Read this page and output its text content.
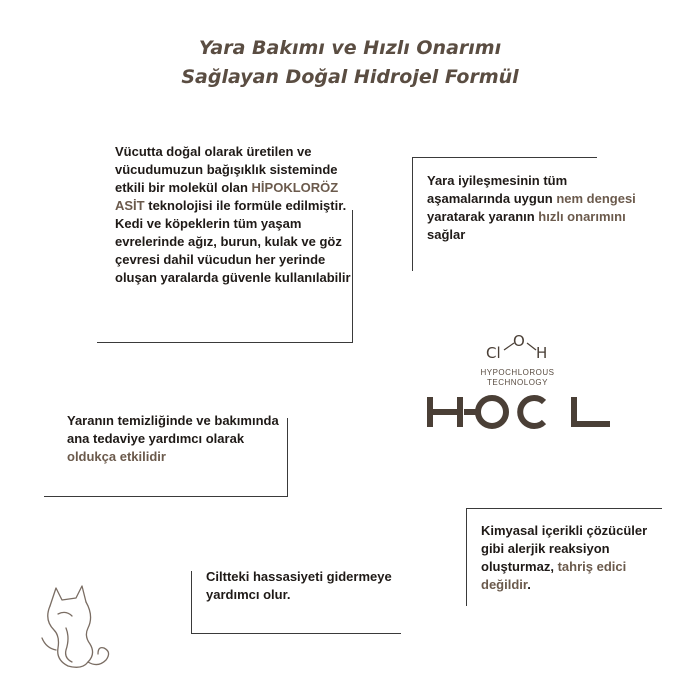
Yara Bakımı ve Hızlı Onarımı
Sağlayan Doğal Hidrojel Formül
Vücutta doğal olarak üretilen ve vücudumuzun bağışıklık sisteminde etkili bir molekül olan HİPOKLORÖZ ASİT teknolojisi ile formüle edilmiştir. Kedi ve köpeklerin tüm yaşam evrelerinde ağız, burun, kulak ve göz çevresi dahil vücudun her yerinde oluşan yaralarda güvenle kullanılabilir
Yara iyileşmesinin tüm aşamalarında uygun nem dengesi yaratarak yaranın hızlı onarımını sağlar
Yaranın temizliğinde ve bakımında ana tedaviye yardımcı olarak oldukça etkilidir
Kimyasal içerikli çözücüler gibi alerjik reaksiyon oluşturmaz, tahriş edici değildir.
Ciltteki hassasiyeti gidermeye yardımcı olur.
Cl
O
H
HYPOCHLOROUS
TECHNOLOGY
